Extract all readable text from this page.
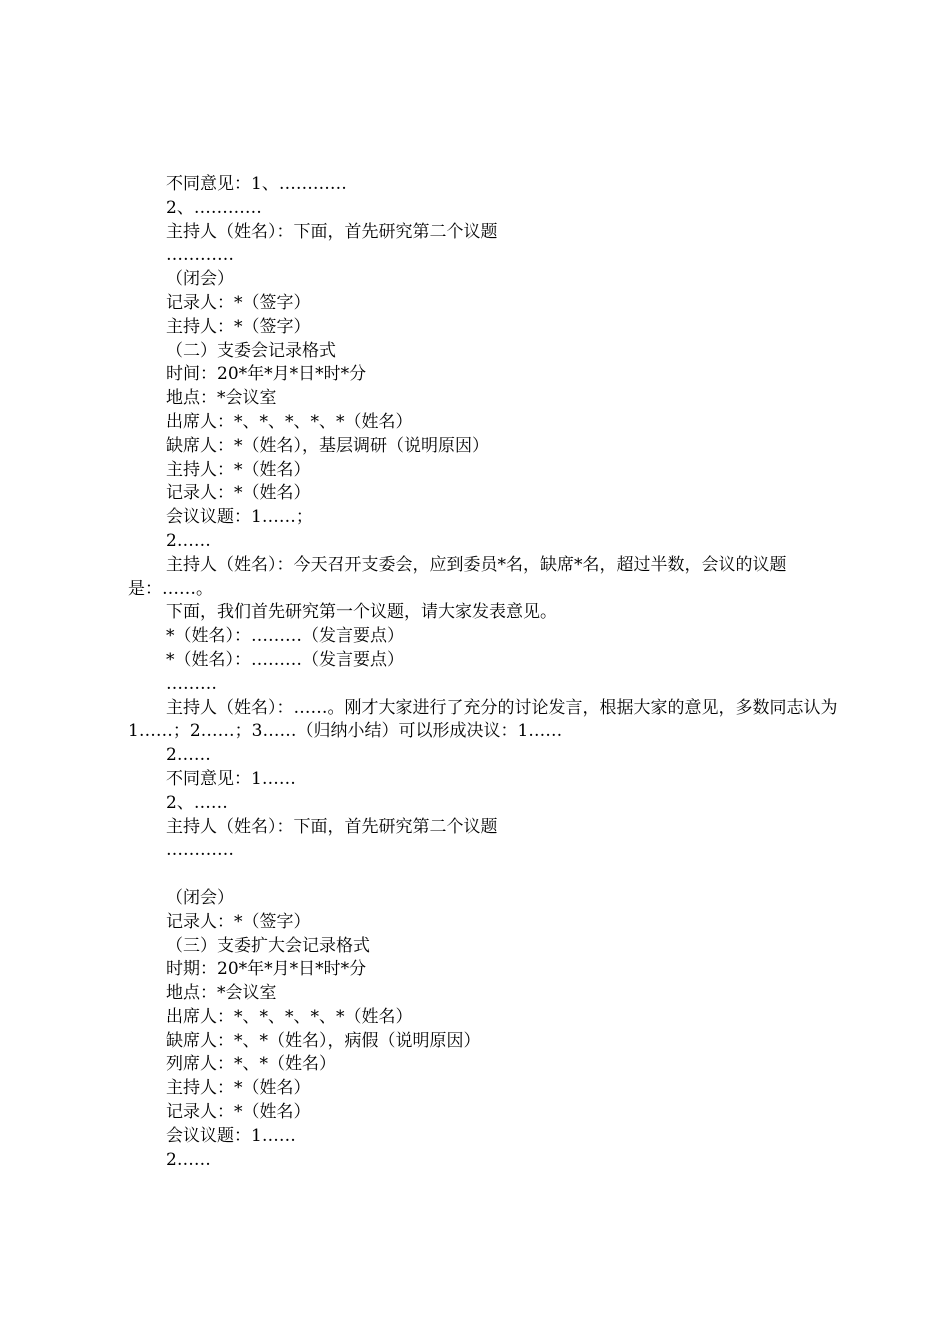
不同意见：1、…………
2、…………
主持人（姓名）：下面，首先研究第二个议题
…………
（闭会）
记录人：*（签字）
主持人：*（签字）
（二）支委会记录格式
时间：20*年*月*日*时*分
地点：*会议室
出席人：*、*、*、*、*（姓名）
缺席人：*（姓名），基层调研（说明原因）
主持人：*（姓名）
记录人：*（姓名）
会议议题：1……；
2……
主持人（姓名）：今天召开支委会，应到委员*名，缺席*名，超过半数，会议的议题是：……。
下面，我们首先研究第一个议题，请大家发表意见。
*（姓名）：………（发言要点）
*（姓名）：………（发言要点）
………
主持人（姓名）：……。刚才大家进行了充分的讨论发言，根据大家的意见，多数同志认为1……；2……；3……（归纳小结）可以形成决议：1……
2……
不同意见：1……
2、……
主持人（姓名）：下面，首先研究第二个议题
…………
（闭会）
记录人：*（签字）
（三）支委扩大会记录格式
时期：20*年*月*日*时*分
地点：*会议室
出席人：*、*、*、*、*（姓名）
缺席人：*、*（姓名），病假（说明原因）
列席人：*、*（姓名）
主持人：*（姓名）
记录人：*（姓名）
会议议题：1……
2……
